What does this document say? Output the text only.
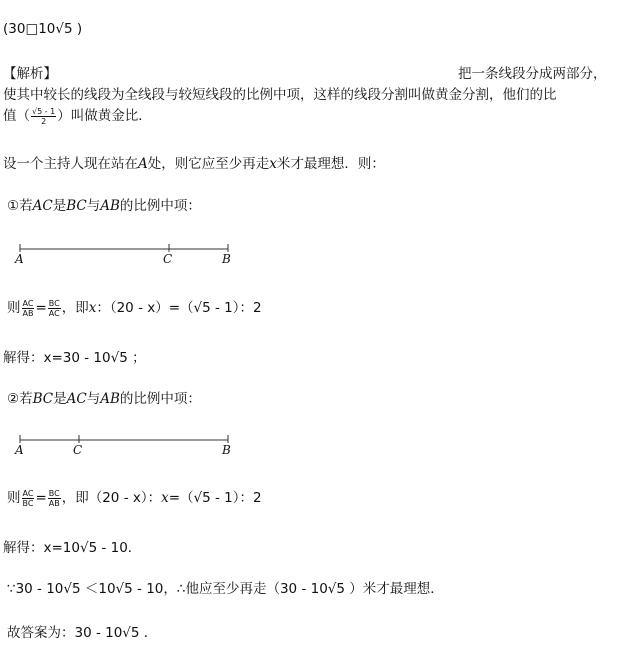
(30□10√5 )
【解析】	把一条线段分成两部分，
使其中较长的线段为全线段与较短线段的比例中项，这样的线段分割叫做黄金分割，他们的比
值（ $\frac{√5 - 1}{2}$ ）叫做黄金比．
设一个主持人现在站在A处，则它应至少再走x米才最理想．则：
①若AC是BC与AB的比例中项：
A	C	B
则 $\frac{AC}{AB} = \frac{BC}{AC}$ ，即x：（20 - x）=（√5 - 1）：2
解得：x=30 - 10√5 ；
②若BC是AC与AB的比例中项：
A	C	B
则 $\frac{AC}{BC} = \frac{BC}{AB}$ ，即（20 - x）：x=（√5 - 1）：2
解得：x=10√5 - 10．
∵30 - 10√5 ＜10√5 - 10，∴他应至少再走（30 - 10√5 ）米才最理想．
故答案为：30 - 10√5 ．
